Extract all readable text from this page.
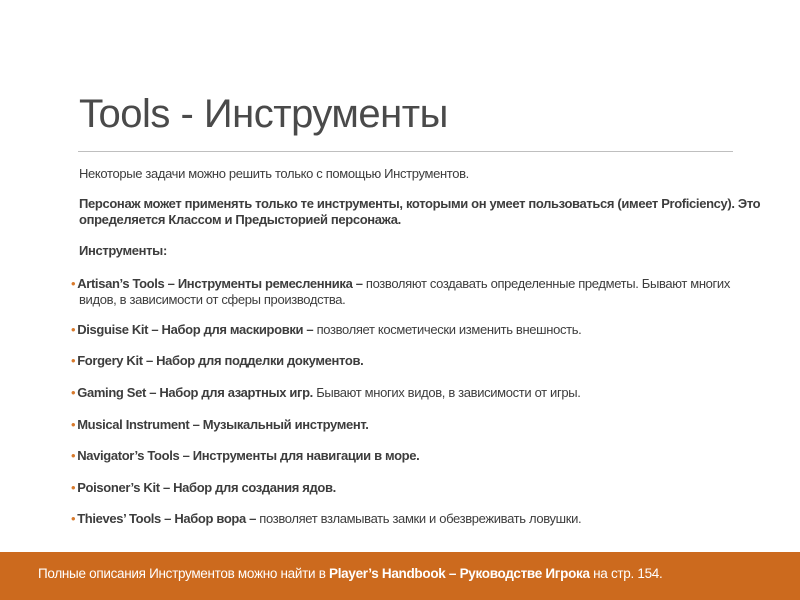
Tools - Инструменты
Некоторые задачи можно решить только с помощью Инструментов.
Персонаж может применять только те инструменты, которыми он умеет пользоваться (имеет Proficiency). Это определяется Классом и Предысторией персонажа.
Инструменты:
• Artisan’s Tools – Инструменты ремесленника – позволяют создавать определенные предметы. Бывают многих
видов, в зависимости от сферы производства.
• Disguise Kit – Набор для маскировки – позволяет косметически изменить внешность.
• Forgery Kit – Набор для подделки документов.
• Gaming Set – Набор для азартных игр. Бывают многих видов, в зависимости от игры.
• Musical Instrument – Музыкальный инструмент.
• Navigator’s Tools – Инструменты для навигации в море.
• Poisoner’s Kit – Набор для создания ядов.
• Thieves’ Tools – Набор вора – позволяет взламывать замки и обезвреживать ловушки.
Полные описания Инструментов можно найти в Player’s Handbook – Руководстве Игрока на стр. 154.
